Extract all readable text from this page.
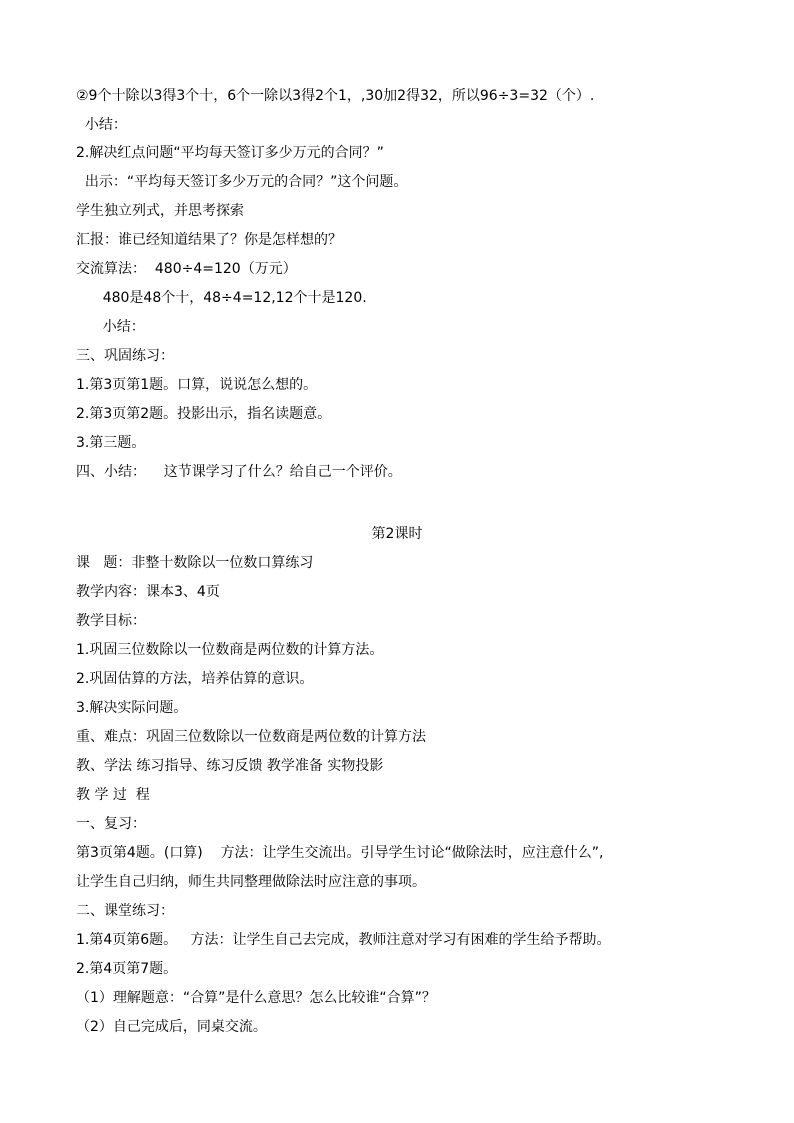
②9个十除以3得3个十，6个一除以3得2个1，,30加2得32，所以96÷3=32（个）.
小结：
2.解决红点问题“平均每天签订多少万元的合同？”
出示：“平均每天签订多少万元的合同？”这个问题。
学生独立列式，并思考探索
汇报：谁已经知道结果了？你是怎样想的？
交流算法：  480÷4=120（万元）
480是48个十，48÷4=12,12个十是120.
小结：
三、巩固练习：
1.第3页第1题。口算，说说怎么想的。
2.第3页第2题。投影出示，指名读题意。
3.第三题。
四、小结：    这节课学习了什么？给自己一个评价。
第2课时
课   题：非整十数除以一位数口算练习
教学内容：课本3、4页
教学目标：
1.巩固三位数除以一位数商是两位数的计算方法。
2.巩固估算的方法，培养估算的意识。
3.解决实际问题。
重、难点：巩固三位数除以一位数商是两位数的计算方法
教、学法 练习指导、练习反馈 教学准备 实物投影
教 学 过  程
一、复习：
第3页第4题。(口算)    方法：让学生交流出。引导学生讨论“做除法时，应注意什么”,
让学生自己归纳，师生共同整理做除法时应注意的事项。
二、课堂练习：
1.第4页第6题。   方法：让学生自己去完成，教师注意对学习有困难的学生给予帮助。
2.第4页第7题。
（1）理解题意：“合算”是什么意思？怎么比较谁“合算”？
（2）自己完成后，同桌交流。
